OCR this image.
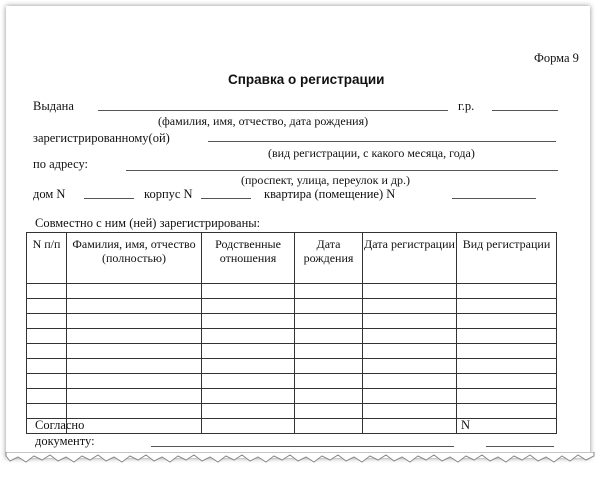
Форма 9
Справка о регистрации
Выдана	г.р.
(фамилия, имя, отчество, дата рождения)
зарегистрированному(ой)
(вид регистрации, с какого месяца, года)
по адресу:
(проспект, улица, переулок и др.)
дом N	корпус N	квартира (помещение) N
Совместно с ним (ней) зарегистрированы:
N п/п	Фамилия, имя, отчество (полностью)	Родственные отношения	Дата рождения	Дата регистрации	Вид регистрации

Согласно
документу:
N
